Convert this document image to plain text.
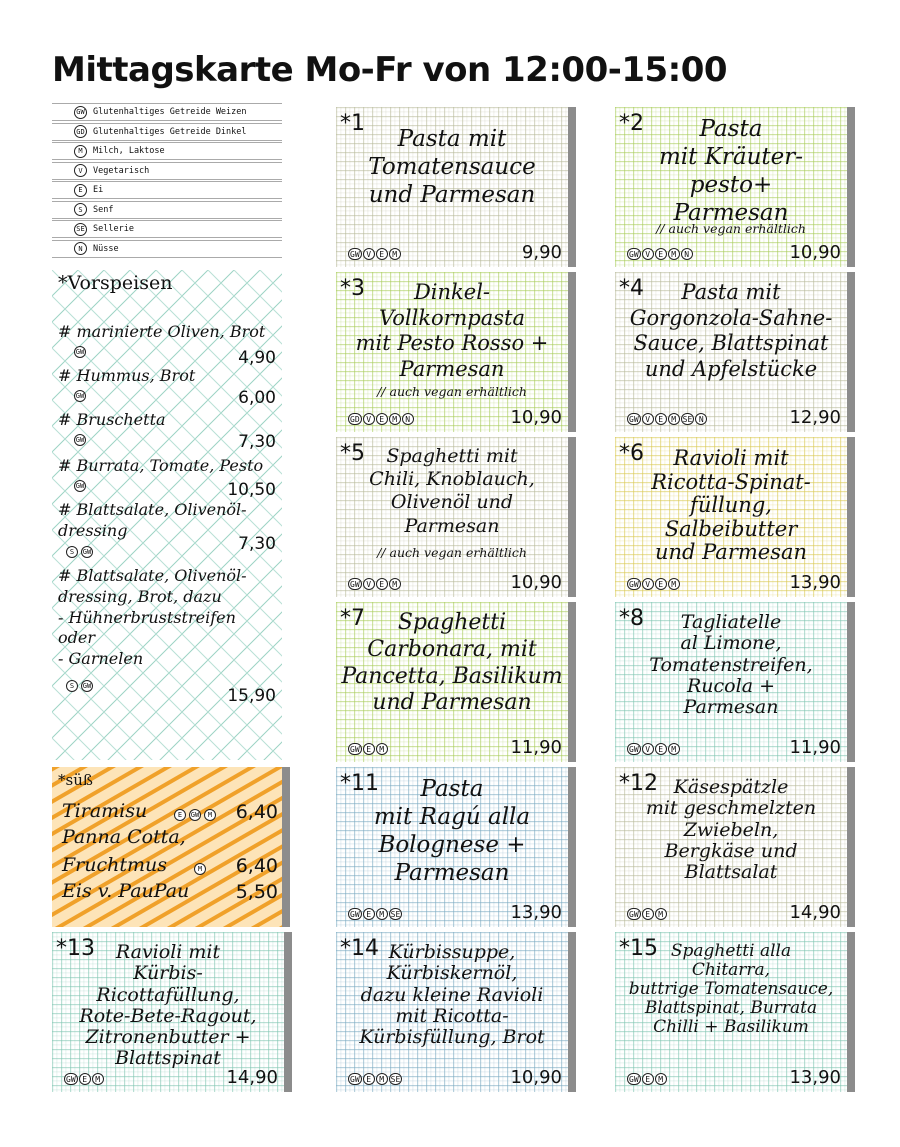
Mittagskarte Mo-Fr von 12:00-15:00
GW Glutenhaltiges Getreide Weizen
GD Glutenhaltiges Getreide Dinkel
M	Milch, Laktose
V	Vegetarisch
E	Ei
S	Senf
SE Sellerie
N	Nüsse
*Vorspeisen
# marinierte Oliven, Brot
4,90
GW
# Hummus, Brot
6,00
GW
# Bruschetta
7,30
GW
# Burrata, Tomate, Pesto
10,50
GW
# Blattsalate, Olivenöl-
dressing
7,30
S	GW
# Blattsalate, Olivenöl-
dressing, Brot, dazu
- Hühnerbruststreifen
oder
- Garnelen
15,90
S	GW
*süß
Tiramisu	6,40
E	GW	M
Panna Cotta,
Fruchtmus	6,40
M
Eis v. PauPau	5,50
*1
Pasta mit
Tomatensauce
und Parmesan
GW V	E	M	9,90
*2	Pasta
mit Kräuter-
pesto+
Parmesan
// auch vegan erhältlich
GW V	E	M	N	10,90
*3	Dinkel-
Vollkornpasta
mit Pesto Rosso +
Parmesan
// auch vegan erhältlich
GD V	E	M	N	10,90
*4	Pasta mit
Gorgonzola-Sahne-
Sauce, Blattspinat
und Apfelstücke
GW V	E	M SE N	12,90
*5	Spaghetti mit
Chili, Knoblauch,
Olivenöl und
Parmesan
// auch vegan erhältlich
GW V	E	M	10,90
*6	Ravioli mit
Ricotta-Spinat-
füllung,
Salbeibutter
und Parmesan
GW V	E	M	13,90
*7	Spaghetti
Carbonara, mit
Pancetta, Basilikum
und Parmesan
GW E	M	11,90
*8	Tagliatelle
al Limone,
Tomatenstreifen,
Rucola +
Parmesan
GW V	E	M	11,90
*11	Pasta
mit Ragú alla
Bolognese +
Parmesan
GW E	M SE	13,90
*12 Käsespätzle
mit geschmelzten
Zwiebeln,
Bergkäse und
Blattsalat
GW E	M	14,90
*13	Ravioli mit
Kürbis-
Ricottafüllung,
Rote-Bete-Ragout,
Zitronenbutter +
Blattspinat
GW E	M	14,90
*14 Kürbissuppe,
Kürbiskernöl,
dazu kleine Ravioli
mit Ricotta-
Kürbisfüllung, Brot
GW E	M SE	10,90
*15 Spaghetti alla
Chitarra,
buttrige Tomatensauce,
Blattspinat, Burrata
Chilli + Basilikum
GW E	M	13,90
